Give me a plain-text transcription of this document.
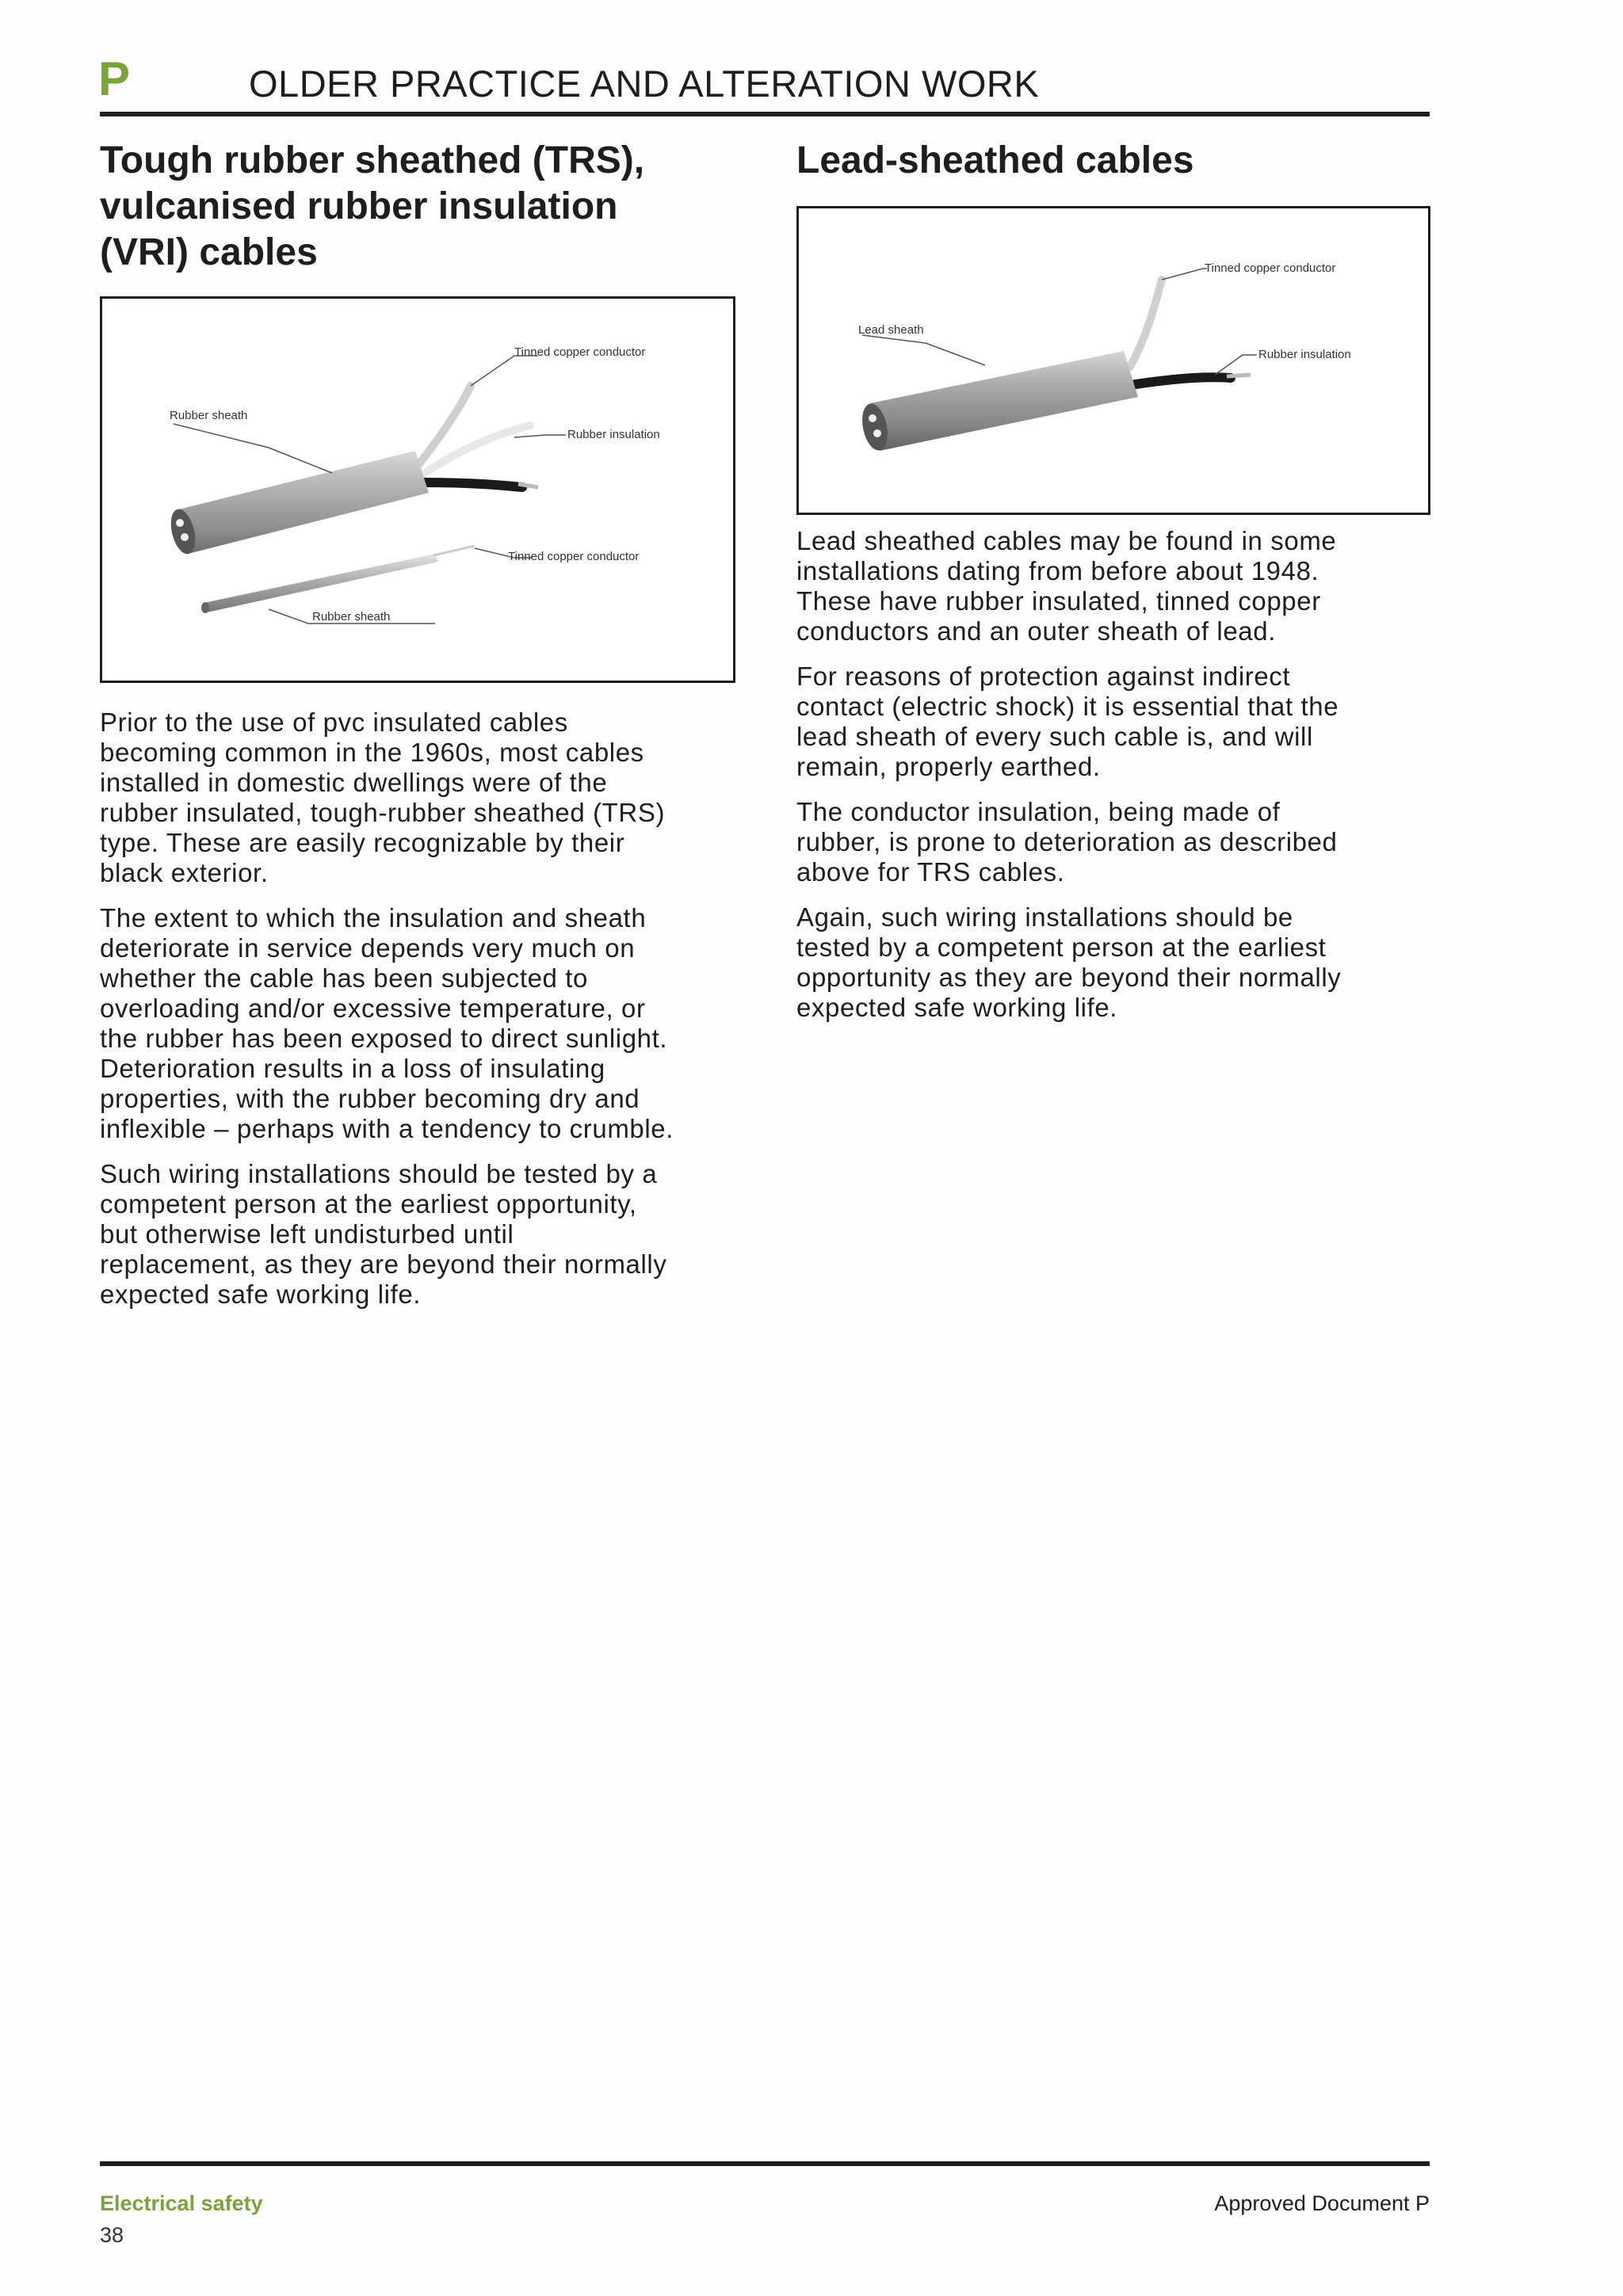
P	OLDER PRACTICE AND ALTERATION WORK
Tough rubber sheathed (TRS),
vulcanised rubber insulation
(VRI) cables
Lead-sheathed cables
Tinned copper conductor
Rubber sheath
Rubber insulation
Tinned copper conductor
Rubber sheath
Tinned copper conductor
Lead sheath
Rubber insulation

Prior to the use of pvc insulated cables
becoming common in the 1960s, most cables
installed in domestic dwellings were of the
rubber insulated, tough-rubber sheathed (TRS)
type. These are easily recognizable by their
black exterior.

The extent to which the insulation and sheath
deteriorate in service depends very much on
whether the cable has been subjected to
overloading and/or excessive temperature, or
the rubber has been exposed to direct sunlight.
Deterioration results in a loss of insulating
properties, with the rubber becoming dry and
inflexible – perhaps with a tendency to crumble.

Such wiring installations should be tested by a
competent person at the earliest opportunity,
but otherwise left undisturbed until
replacement, as they are beyond their normally
expected safe working life.

Lead sheathed cables may be found in some
installations dating from before about 1948.
These have rubber insulated, tinned copper
conductors and an outer sheath of lead.

For reasons of protection against indirect
contact (electric shock) it is essential that the
lead sheath of every such cable is, and will
remain, properly earthed.

The conductor insulation, being made of
rubber, is prone to deterioration as described
above for TRS cables.

Again, such wiring installations should be
tested by a competent person at the earliest
opportunity as they are beyond their normally
expected safe working life.

Electrical safety
38
Approved Document P
